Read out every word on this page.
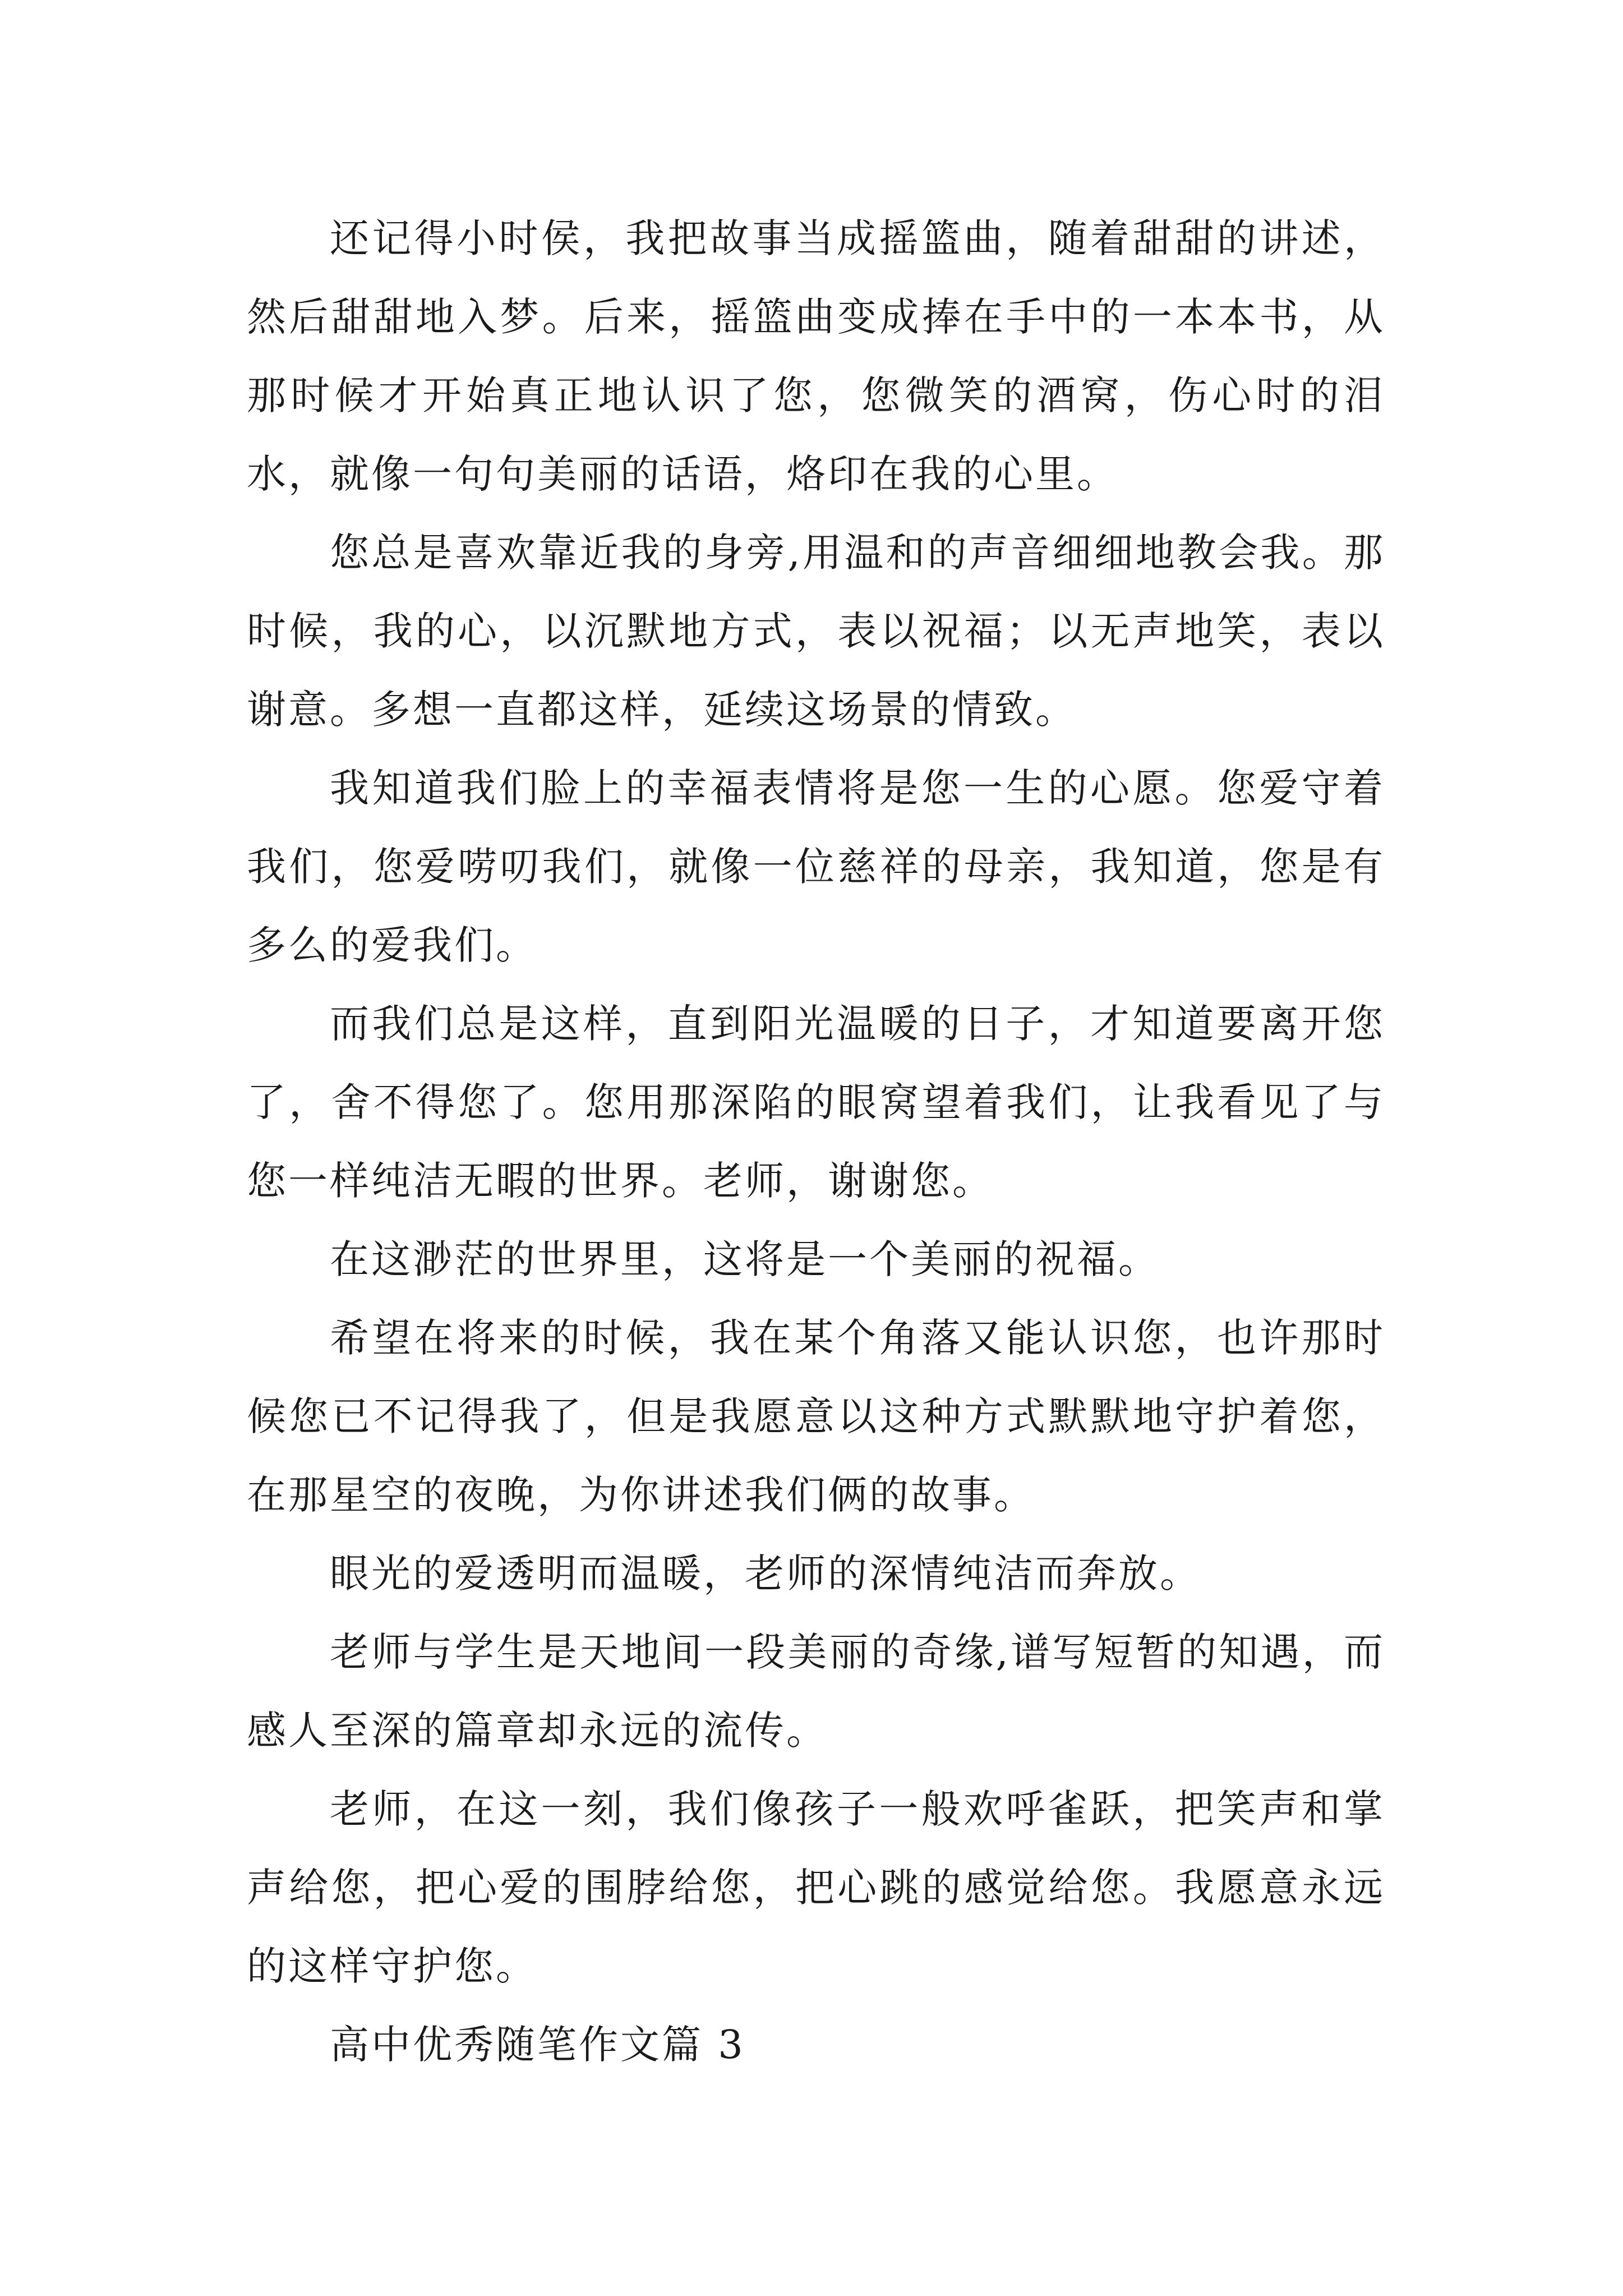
还记得小时侯，我把故事当成摇篮曲，随着甜甜的讲述，然后甜甜地入梦。后来，摇篮曲变成捧在手中的一本本书，从那时候才开始真正地认识了您，您微笑的酒窝，伤心时的泪水，就像一句句美丽的话语，烙印在我的心里。

您总是喜欢靠近我的身旁,用温和的声音细细地教会我。那时候，我的心，以沉默地方式，表以祝福；以无声地笑，表以谢意。多想一直都这样，延续这场景的情致。

我知道我们脸上的幸福表情将是您一生的心愿。您爱守着我们，您爱唠叨我们，就像一位慈祥的母亲，我知道，您是有多么的爱我们。

而我们总是这样，直到阳光温暖的日子，才知道要离开您了，舍不得您了。您用那深陷的眼窝望着我们，让我看见了与您一样纯洁无暇的世界。老师，谢谢您。

在这渺茫的世界里，这将是一个美丽的祝福。

希望在将来的时候，我在某个角落又能认识您，也许那时候您已不记得我了，但是我愿意以这种方式默默地守护着您，在那星空的夜晚，为你讲述我们俩的故事。

眼光的爱透明而温暖，老师的深情纯洁而奔放。

老师与学生是天地间一段美丽的奇缘,谱写短暂的知遇，而感人至深的篇章却永远的流传。

老师，在这一刻，我们像孩子一般欢呼雀跃，把笑声和掌声给您，把心爱的围脖给您，把心跳的感觉给您。我愿意永远的这样守护您。

高中优秀随笔作文篇 3
